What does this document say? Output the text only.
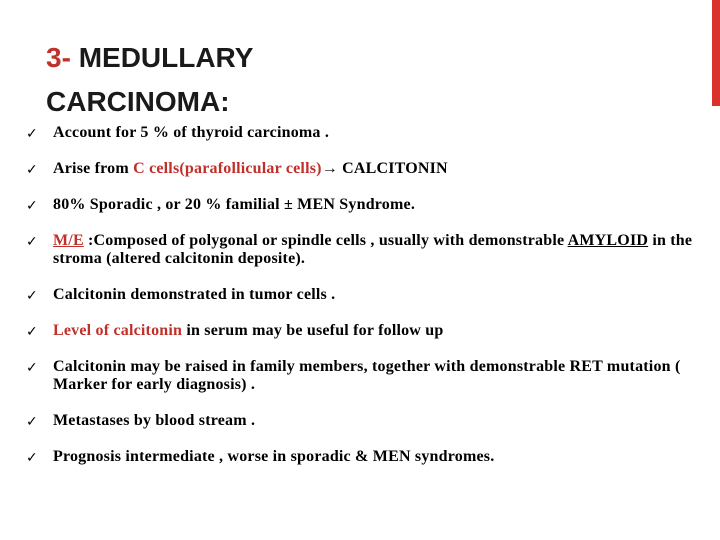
3- MEDULLARY
CARCINOMA:
✓ Account for 5 % of thyroid carcinoma .
✓ Arise from C cells(parafollicular cells)→ CALCITONIN
✓ 80% Sporadic , or 20 % familial ± MEN Syndrome.
✓ M/E :Composed of polygonal or spindle cells , usually with demonstrable AMYLOID in the stroma (altered calcitonin deposite).
✓ Calcitonin demonstrated in tumor cells .
✓ Level of calcitonin in serum may be useful for follow up
✓ Calcitonin may be raised in family members, together with demonstrable RET mutation ( Marker for early diagnosis) .
✓ Metastases by blood stream .
✓ Prognosis intermediate , worse in sporadic & MEN syndromes.
